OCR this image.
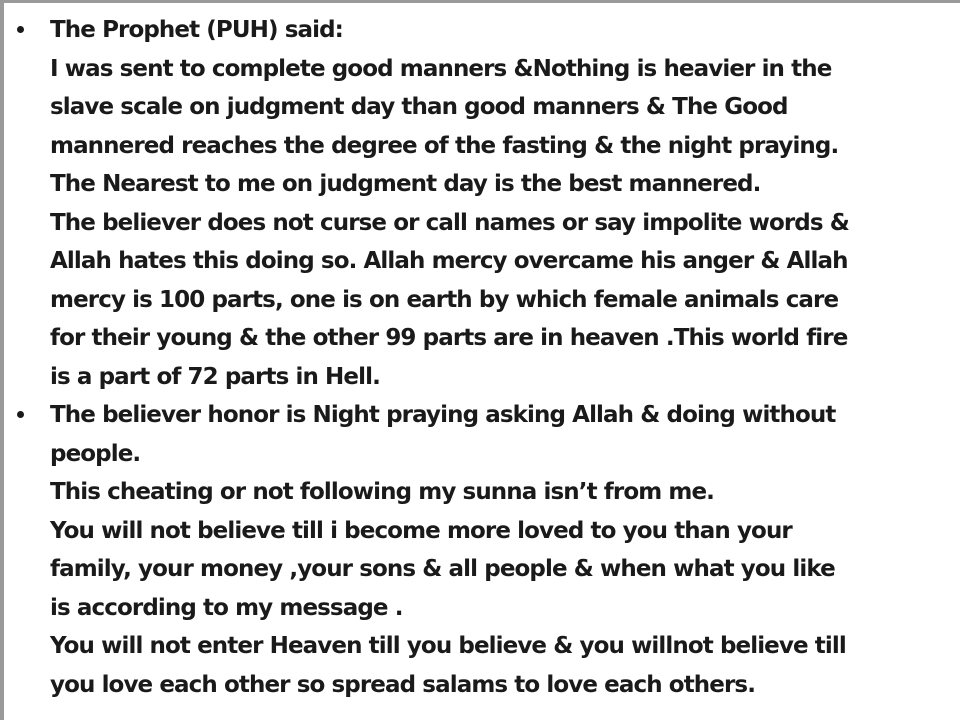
The Prophet (PUH) said:
I was sent to complete good manners &Nothing is heavier in the
slave scale on judgment day than good manners & The Good
mannered reaches the degree of the fasting & the night praying.
The Nearest to me on judgment day is the best mannered.
The believer does not curse or call names or say impolite words &
Allah hates this doing so. Allah mercy overcame his anger & Allah
mercy is 100 parts, one is on earth by which female animals care
for their young & the other 99 parts are in heaven .This world fire
is a part of 72 parts in Hell.
The believer honor is Night praying asking Allah & doing without
people.
This cheating or not following my sunna isn’t from me.
You will not believe till i become more loved to you than your
family, your money ,your sons & all people & when what you like
is according to my message .
You will not enter Heaven till you believe & you willnot believe till
you love each other so spread salams to love each others.
